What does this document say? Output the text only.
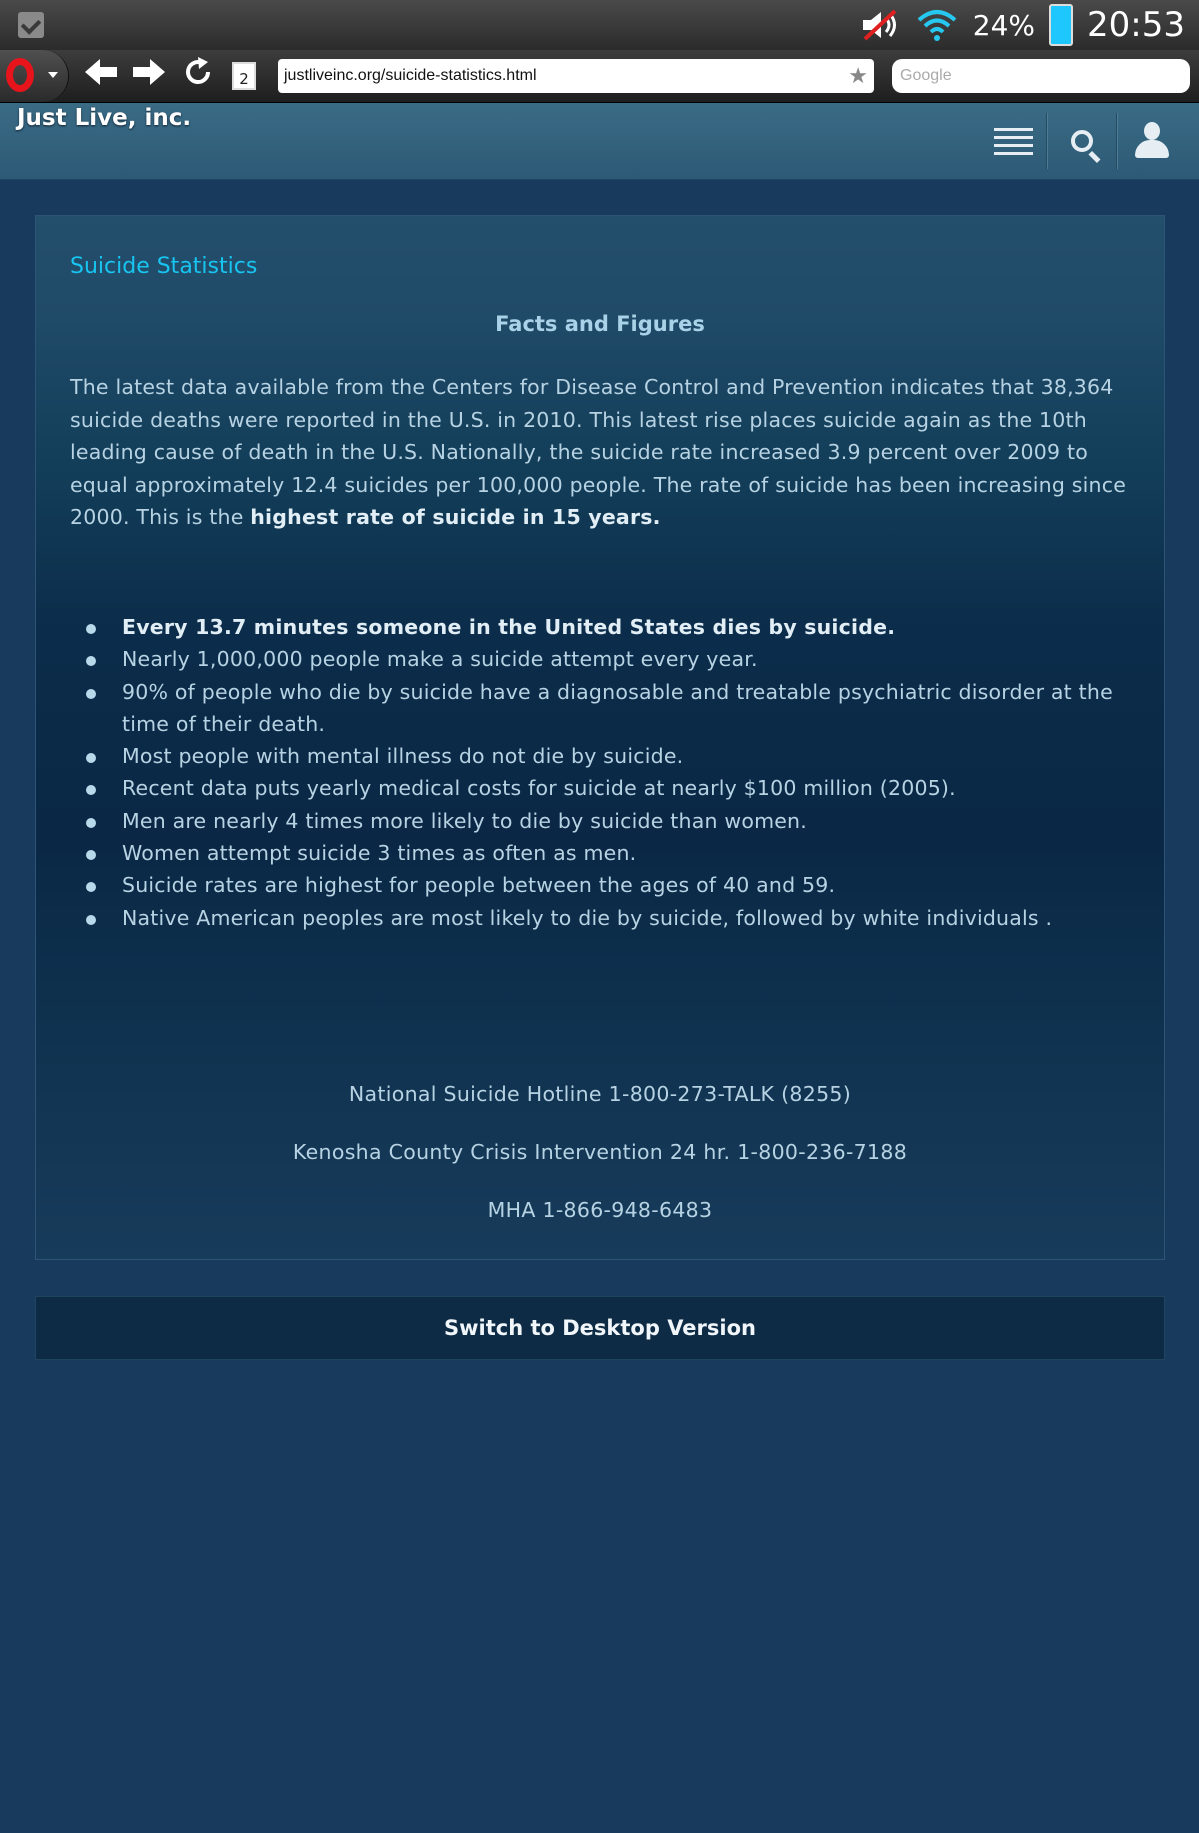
24% 20:53
2	justliveinc.org/suicide-statistics.html	★	Google
Just Live, inc.
Suicide Statistics
Facts and Figures
The latest data available from the Centers for Disease Control and Prevention indicates that 38,364 suicide deaths were reported in the U.S. in 2010. This latest rise places suicide again as the 10th leading cause of death in the U.S. Nationally, the suicide rate increased 3.9 percent over 2009 to equal approximately 12.4 suicides per 100,000 people. The rate of suicide has been increasing since 2000. This is the highest rate of suicide in 15 years.
Every 13.7 minutes someone in the United States dies by suicide.
Nearly 1,000,000 people make a suicide attempt every year.
90% of people who die by suicide have a diagnosable and treatable psychiatric disorder at the time of their death.
Most people with mental illness do not die by suicide.
Recent data puts yearly medical costs for suicide at nearly $100 million (2005).
Men are nearly 4 times more likely to die by suicide than women.
Women attempt suicide 3 times as often as men.
Suicide rates are highest for people between the ages of 40 and 59.
Native American peoples are most likely to die by suicide, followed by white individuals .
National Suicide Hotline 1-800-273-TALK (8255)
Kenosha County Crisis Intervention 24 hr. 1-800-236-7188
MHA 1-866-948-6483
Switch to Desktop Version
